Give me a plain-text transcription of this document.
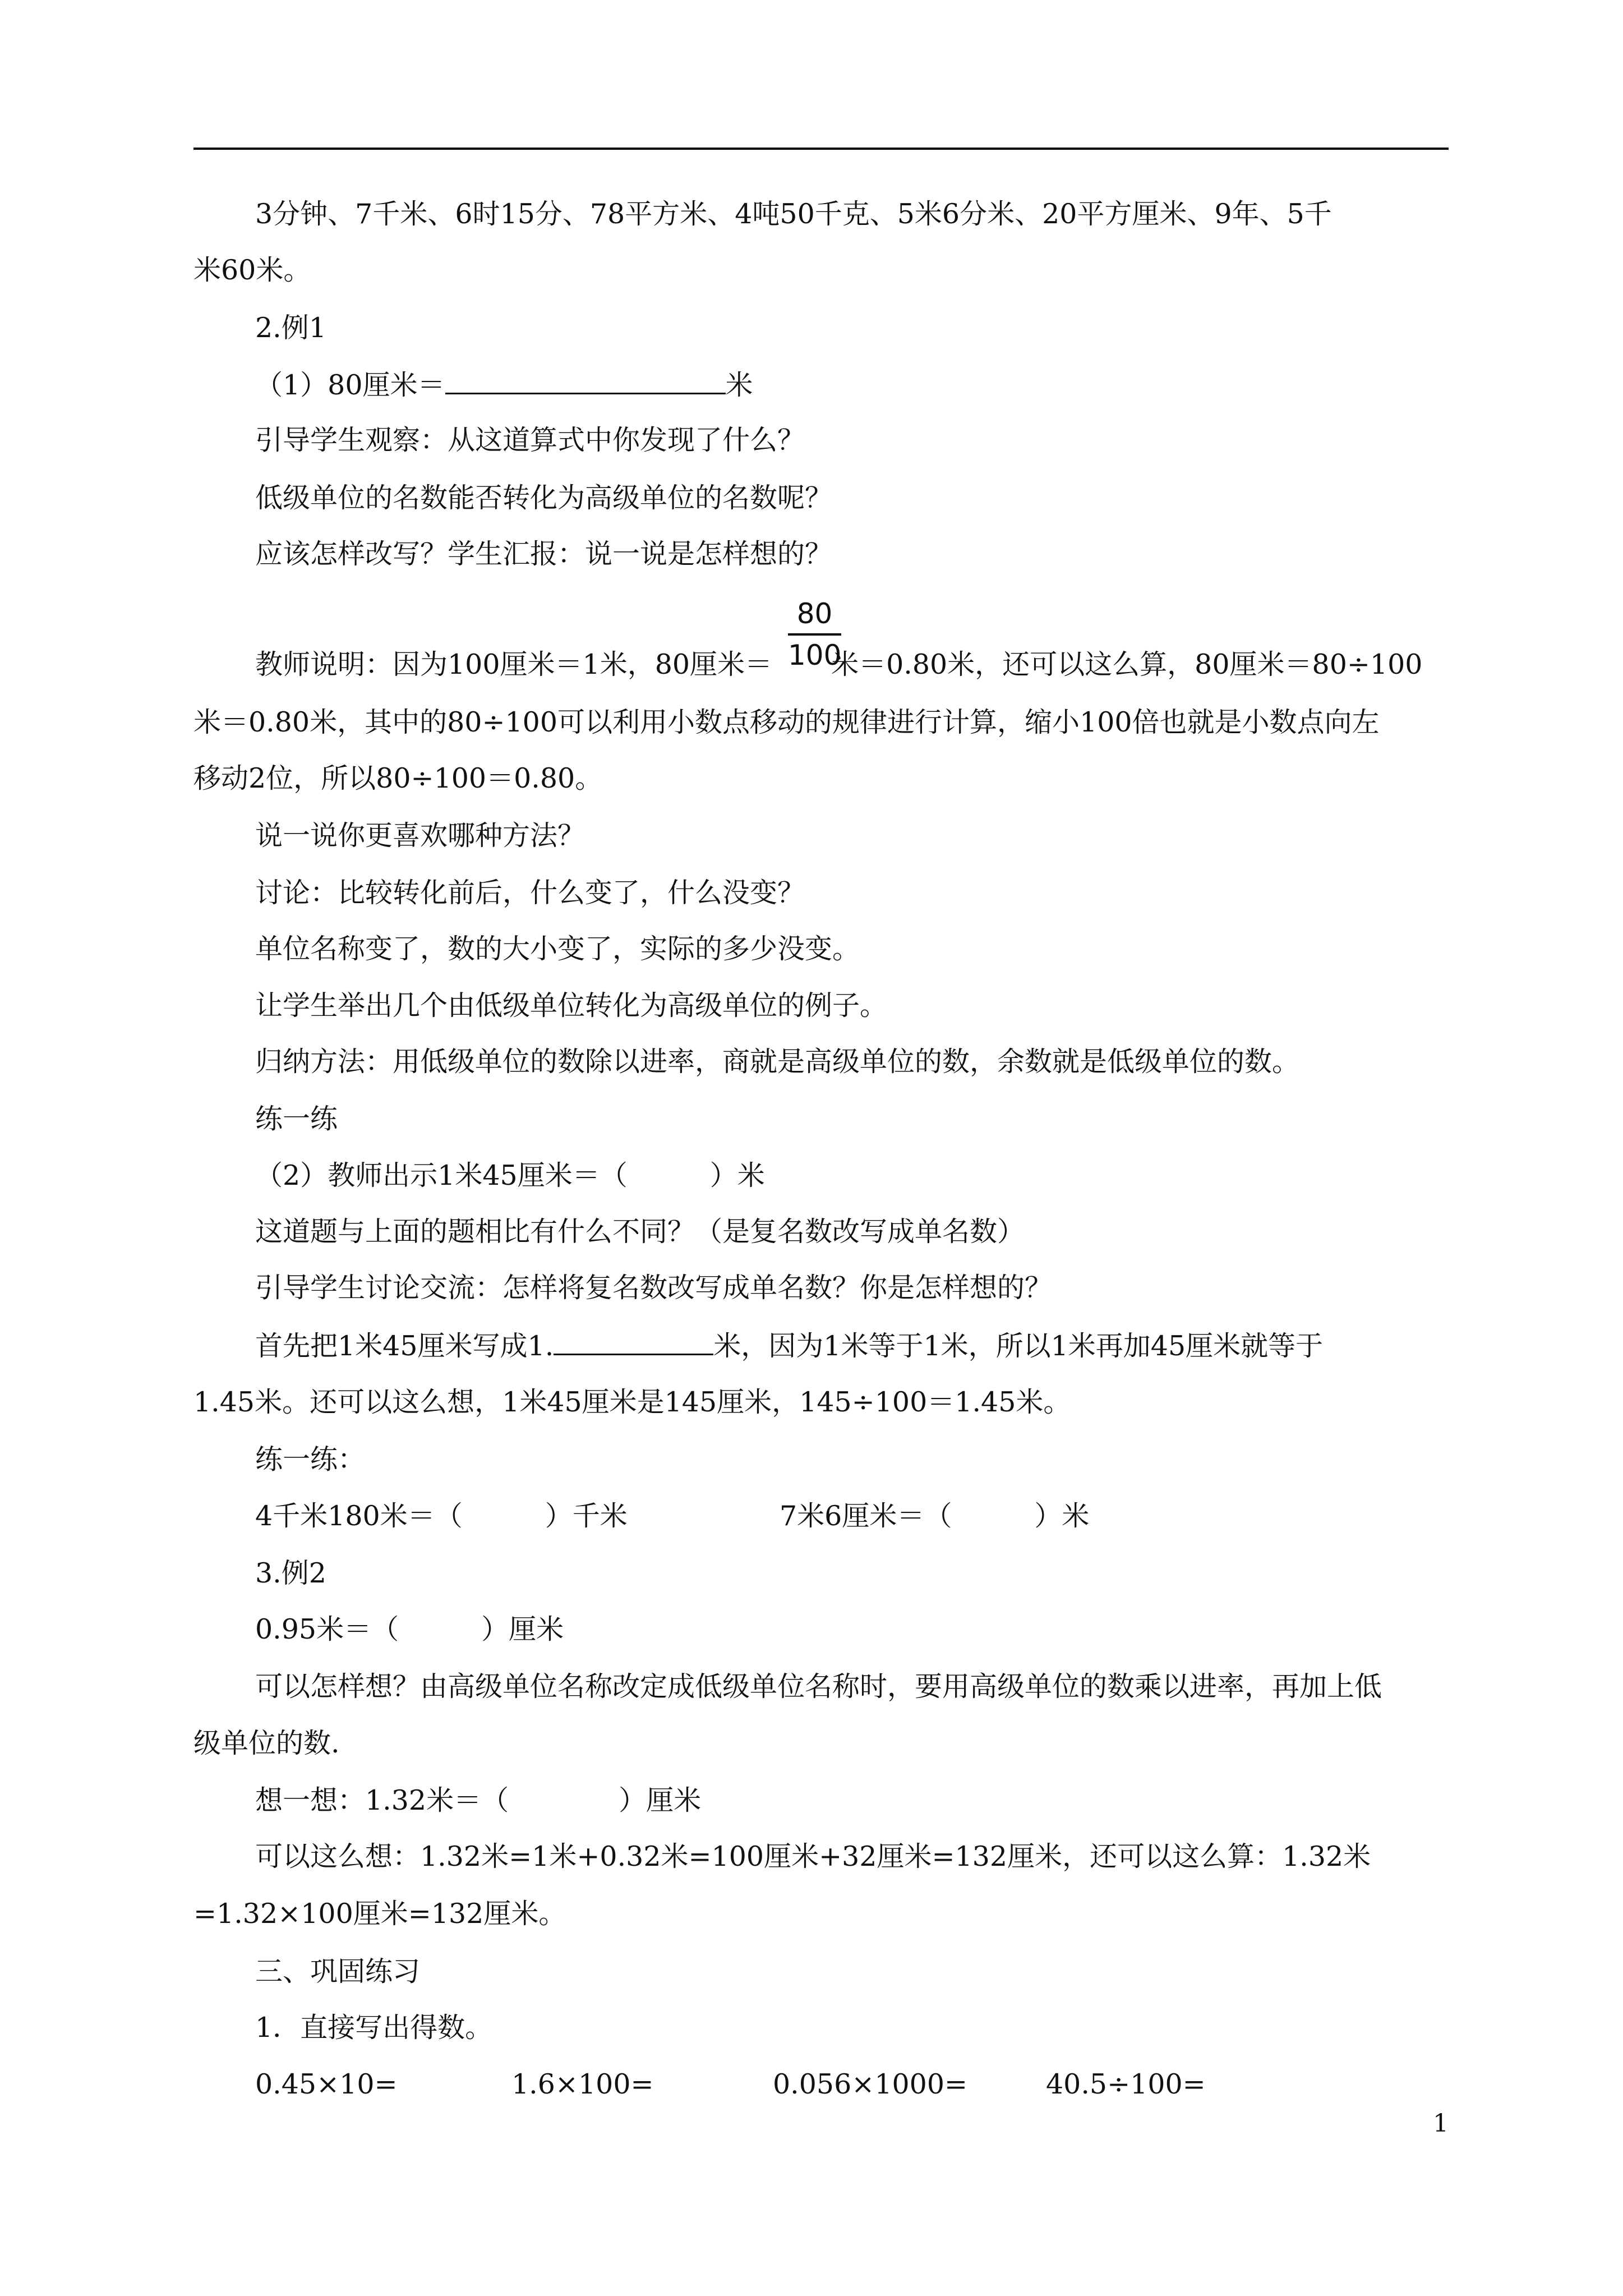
3分钟、7千米、6时15分、78平方米、4吨50千克、5米6分米、20平方厘米、9年、5千
米60米。
2.例1
（1）80厘米＝	米
引导学生观察：从这道算式中你发现了什么？
低级单位的名数能否转化为高级单位的名数呢？
应该怎样改写？学生汇报：说一说是怎样想的？
80
100
教师说明：因为100厘米＝1米，80厘米＝ 米＝0.80米，还可以这么算，80厘米＝80÷100
米＝0.80米，其中的80÷100可以利用小数点移动的规律进行计算，缩小100倍也就是小数点向左
移动2位，所以80÷100＝0.80。
说一说你更喜欢哪种方法？
讨论：比较转化前后，什么变了，什么没变？
单位名称变了，数的大小变了，实际的多少没变。
让学生举出几个由低级单位转化为高级单位的例子。
归纳方法：用低级单位的数除以进率，商就是高级单位的数，余数就是低级单位的数。
练一练
（2）教师出示1米45厘米＝（　　　）米
这道题与上面的题相比有什么不同？（是复名数改写成单名数）
引导学生讨论交流：怎样将复名数改写成单名数？你是怎样想的？
首先把1米45厘米写成1.	米，因为1米等于1米，所以1米再加45厘米就等于
1.45米。还可以这么想，1米45厘米是145厘米，145÷100＝1.45米。
练一练：
4千米180米＝（　　　）千米	7米6厘米＝（　　　）米
3.例2
0.95米＝（　　　）厘米
可以怎样想？由高级单位名称改定成低级单位名称时，要用高级单位的数乘以进率，再加上低
级单位的数.
想一想：1.32米＝（　　　　）厘米
可以这么想：1.32米=1米+0.32米=100厘米+32厘米=132厘米，还可以这么算：1.32米
=1.32×100厘米=132厘米。
三、巩固练习
1．直接写出得数。
0.45×10=	1.6×100=	0.056×1000=	40.5÷100=
1
